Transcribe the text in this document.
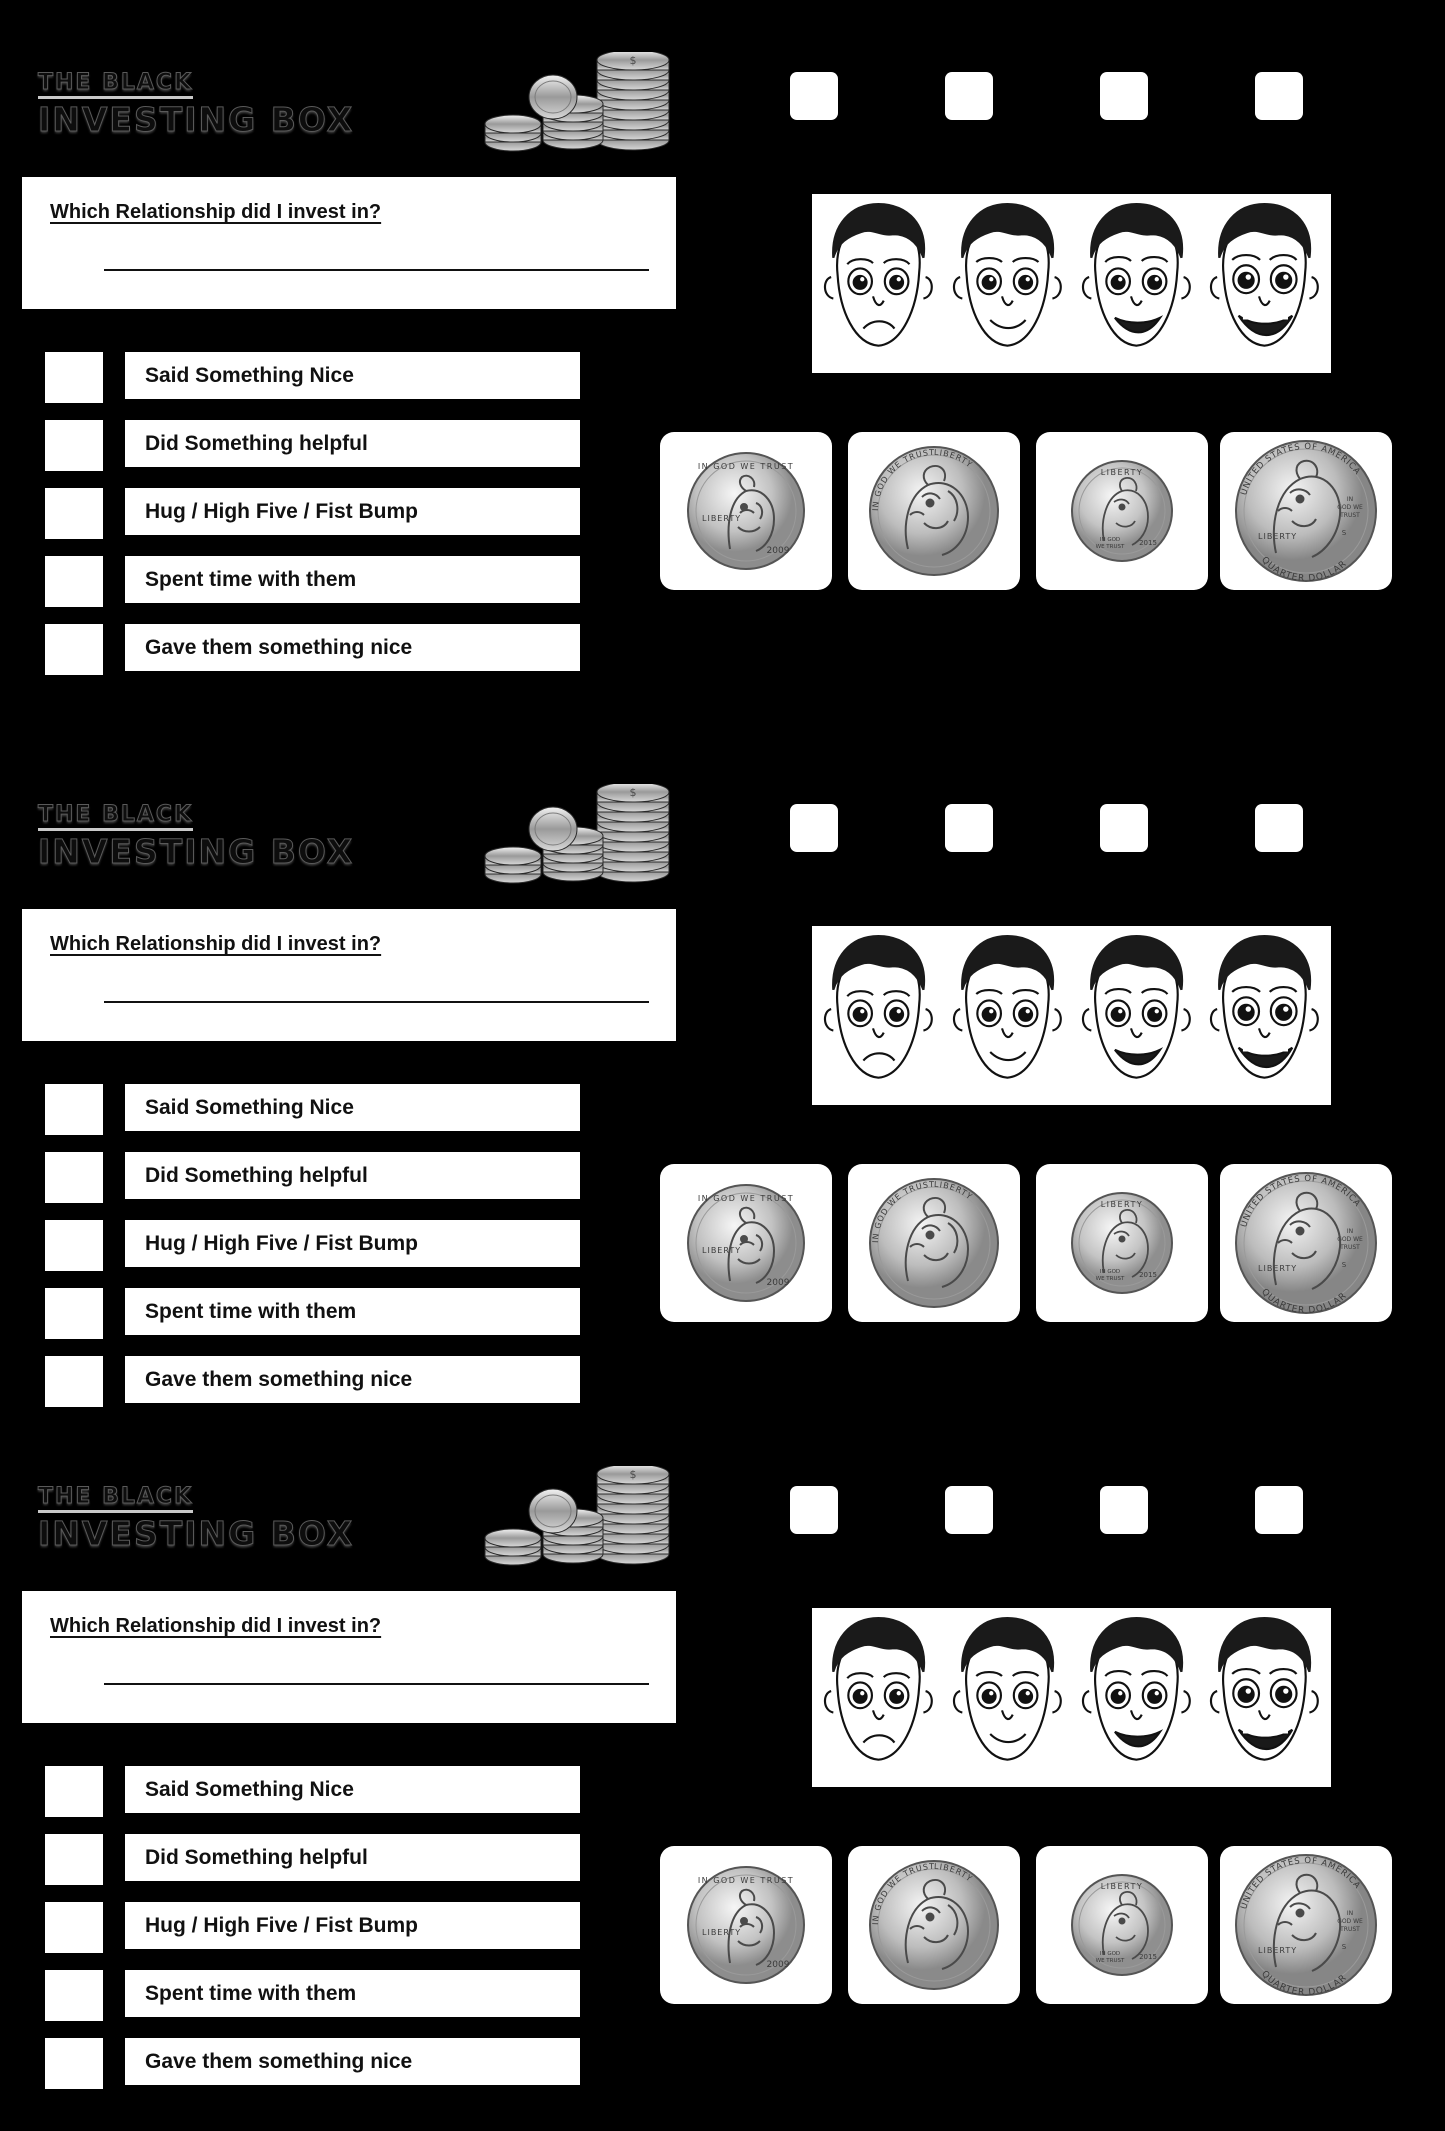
THE BLACK
INVESTING BOX
$
Which Relationship did I invest in?
Said Something Nice
Did Something helpful
Hug / High Five / Fist Bump
Spent time with them
Gave them something nice
IN GOD WE TRUST
LIBERTY
2009
IN GOD WE TRUST
LIBERTY
LIBERTY
IN GOD
WE TRUST 2015
UNITED STATES OF AMERICA
QUARTER DOLLAR
LIBERTY
IN
GOD WE
TRUST
S
THE BLACK
INVESTING BOX
$
Which Relationship did I invest in?
Said Something Nice
Did Something helpful
Hug / High Five / Fist Bump
Spent time with them
Gave them something nice
IN GOD WE TRUST
LIBERTY
2009
IN GOD WE TRUST
LIBERTY
LIBERTY
IN GOD
WE TRUST 2015
UNITED STATES OF AMERICA
QUARTER DOLLAR
LIBERTY
IN
GOD WE
TRUST
S
THE BLACK
INVESTING BOX
$
Which Relationship did I invest in?
Said Something Nice
Did Something helpful
Hug / High Five / Fist Bump
Spent time with them
Gave them something nice
IN GOD WE TRUST
LIBERTY
2009
IN GOD WE TRUST
LIBERTY
LIBERTY
IN GOD
WE TRUST 2015
UNITED STATES OF AMERICA
QUARTER DOLLAR
LIBERTY
IN
GOD WE
TRUST
S
